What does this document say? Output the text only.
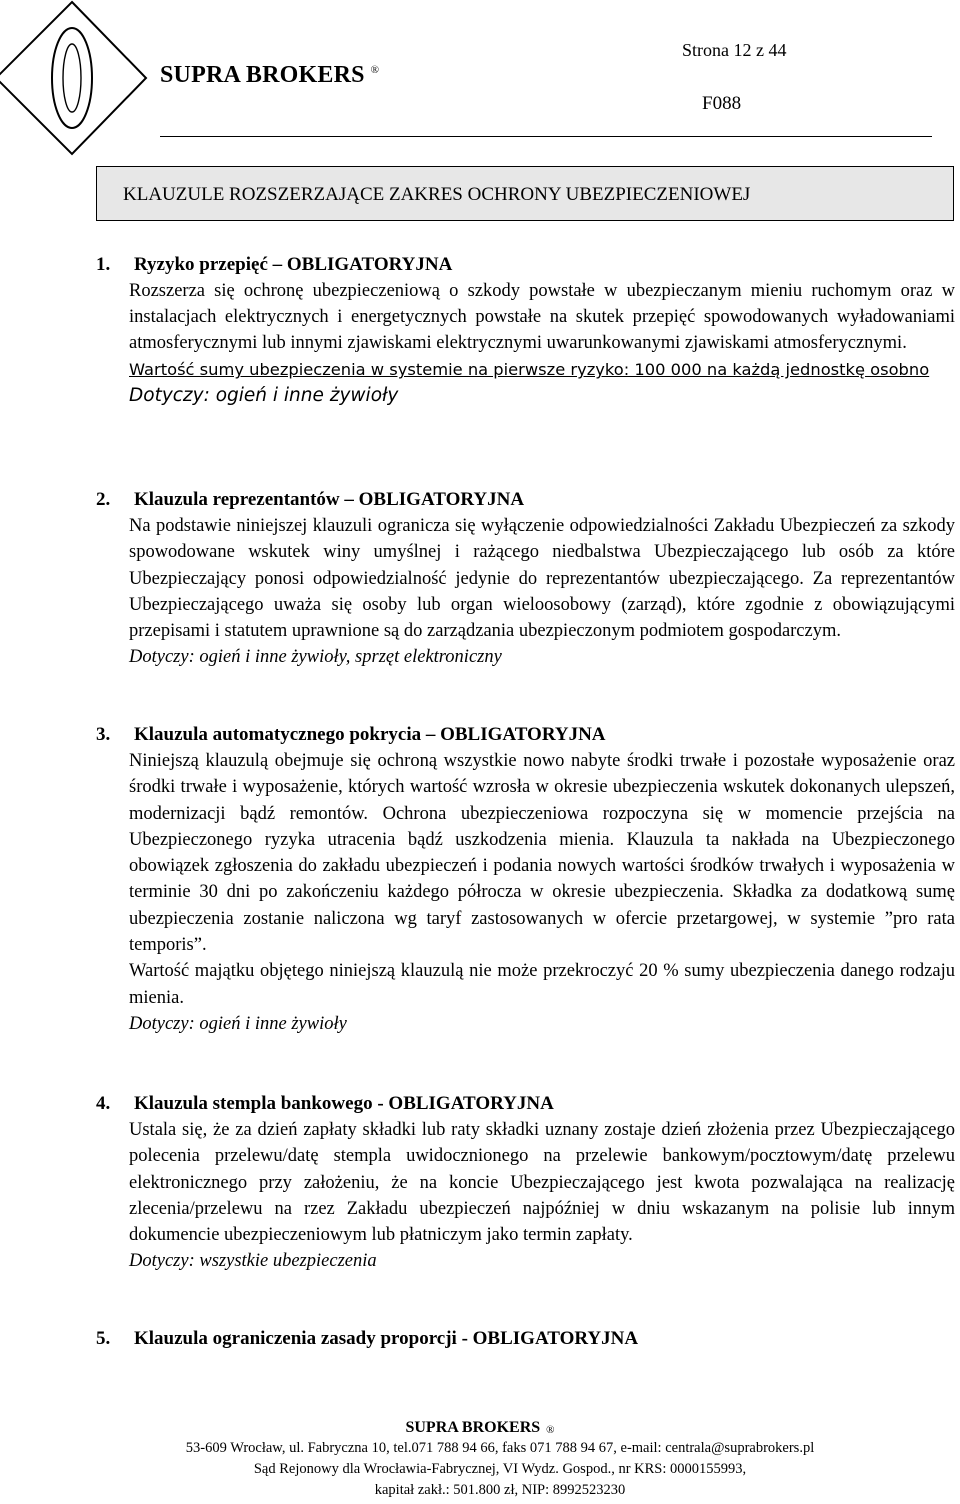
SUPRA BROKERS ®
Strona 12 z 44
F088
KLAUZULE ROZSZERZAJĄCE ZAKRES OCHRONY UBEZPIECZENIOWEJ
1. Ryzyko przepięć – OBLIGATORYJNA
Rozszerza się ochronę ubezpieczeniową o szkody powstałe w ubezpieczanym mieniu ruchomym oraz w instalacjach elektrycznych i energetycznych powstałe na skutek przepięć spowodowanych wyładowaniami atmosferycznymi lub innymi zjawiskami elektrycznymi uwarunkowanymi zjawiskami atmosferycznymi.
Wartość sumy ubezpieczenia w systemie na pierwsze ryzyko: 100 000 na każdą jednostkę osobno
Dotyczy: ogień i inne żywioły
2. Klauzula reprezentantów – OBLIGATORYJNA
Na podstawie niniejszej klauzuli ogranicza się wyłączenie odpowiedzialności Zakładu Ubezpieczeń za szkody spowodowane wskutek winy umyślnej i rażącego niedbalstwa Ubezpieczającego lub osób za które Ubezpieczający ponosi odpowiedzialność jedynie do reprezentantów ubezpieczającego. Za reprezentantów Ubezpieczającego uważa się osoby lub organ wieloosobowy (zarząd), które zgodnie z obowiązującymi przepisami i statutem uprawnione są do zarządzania ubezpieczonym podmiotem gospodarczym.
Dotyczy: ogień i inne żywioły, sprzęt elektroniczny
3. Klauzula automatycznego pokrycia – OBLIGATORYJNA
Niniejszą klauzulą obejmuje się ochroną wszystkie nowo nabyte środki trwałe i pozostałe wyposażenie oraz środki trwałe i wyposażenie, których wartość wzrosła w okresie ubezpieczenia wskutek dokonanych ulepszeń, modernizacji bądź remontów. Ochrona ubezpieczeniowa rozpoczyna się w momencie przejścia na Ubezpieczonego ryzyka utracenia bądź uszkodzenia mienia. Klauzula ta nakłada na Ubezpieczonego obowiązek zgłoszenia do zakładu ubezpieczeń i podania nowych wartości środków trwałych i wyposażenia w terminie 30 dni po zakończeniu każdego półrocza w okresie ubezpieczenia. Składka za dodatkową sumę ubezpieczenia zostanie naliczona wg taryf zastosowanych w ofercie przetargowej, w systemie ”pro rata temporis”.
Wartość majątku objętego niniejszą klauzulą nie może przekroczyć 20 % sumy ubezpieczenia danego rodzaju mienia.
Dotyczy: ogień i inne żywioły
4. Klauzula stempla bankowego - OBLIGATORYJNA
Ustala się, że za dzień zapłaty składki lub raty składki uznany zostaje dzień złożenia przez Ubezpieczającego polecenia przelewu/datę stempla uwidocznionego na przelewie bankowym/pocztowym/datę przelewu elektronicznego przy założeniu, że na koncie Ubezpieczającego jest kwota pozwalająca na realizację zlecenia/przelewu na rzez Zakładu ubezpieczeń najpóźniej w dniu wskazanym na polisie lub innym dokumencie ubezpieczeniowym lub płatniczym jako termin zapłaty.
Dotyczy: wszystkie ubezpieczenia
5. Klauzula ograniczenia zasady proporcji - OBLIGATORYJNA
SUPRA BROKERS ®
53-609 Wrocław, ul. Fabryczna 10, tel.071 788 94 66, faks 071 788 94 67, e-mail: centrala@suprabrokers.pl
Sąd Rejonowy dla Wrocławia-Fabrycznej, VI Wydz. Gospod., nr KRS: 0000155993,
kapitał zakł.: 501.800 zł, NIP: 8992523230
